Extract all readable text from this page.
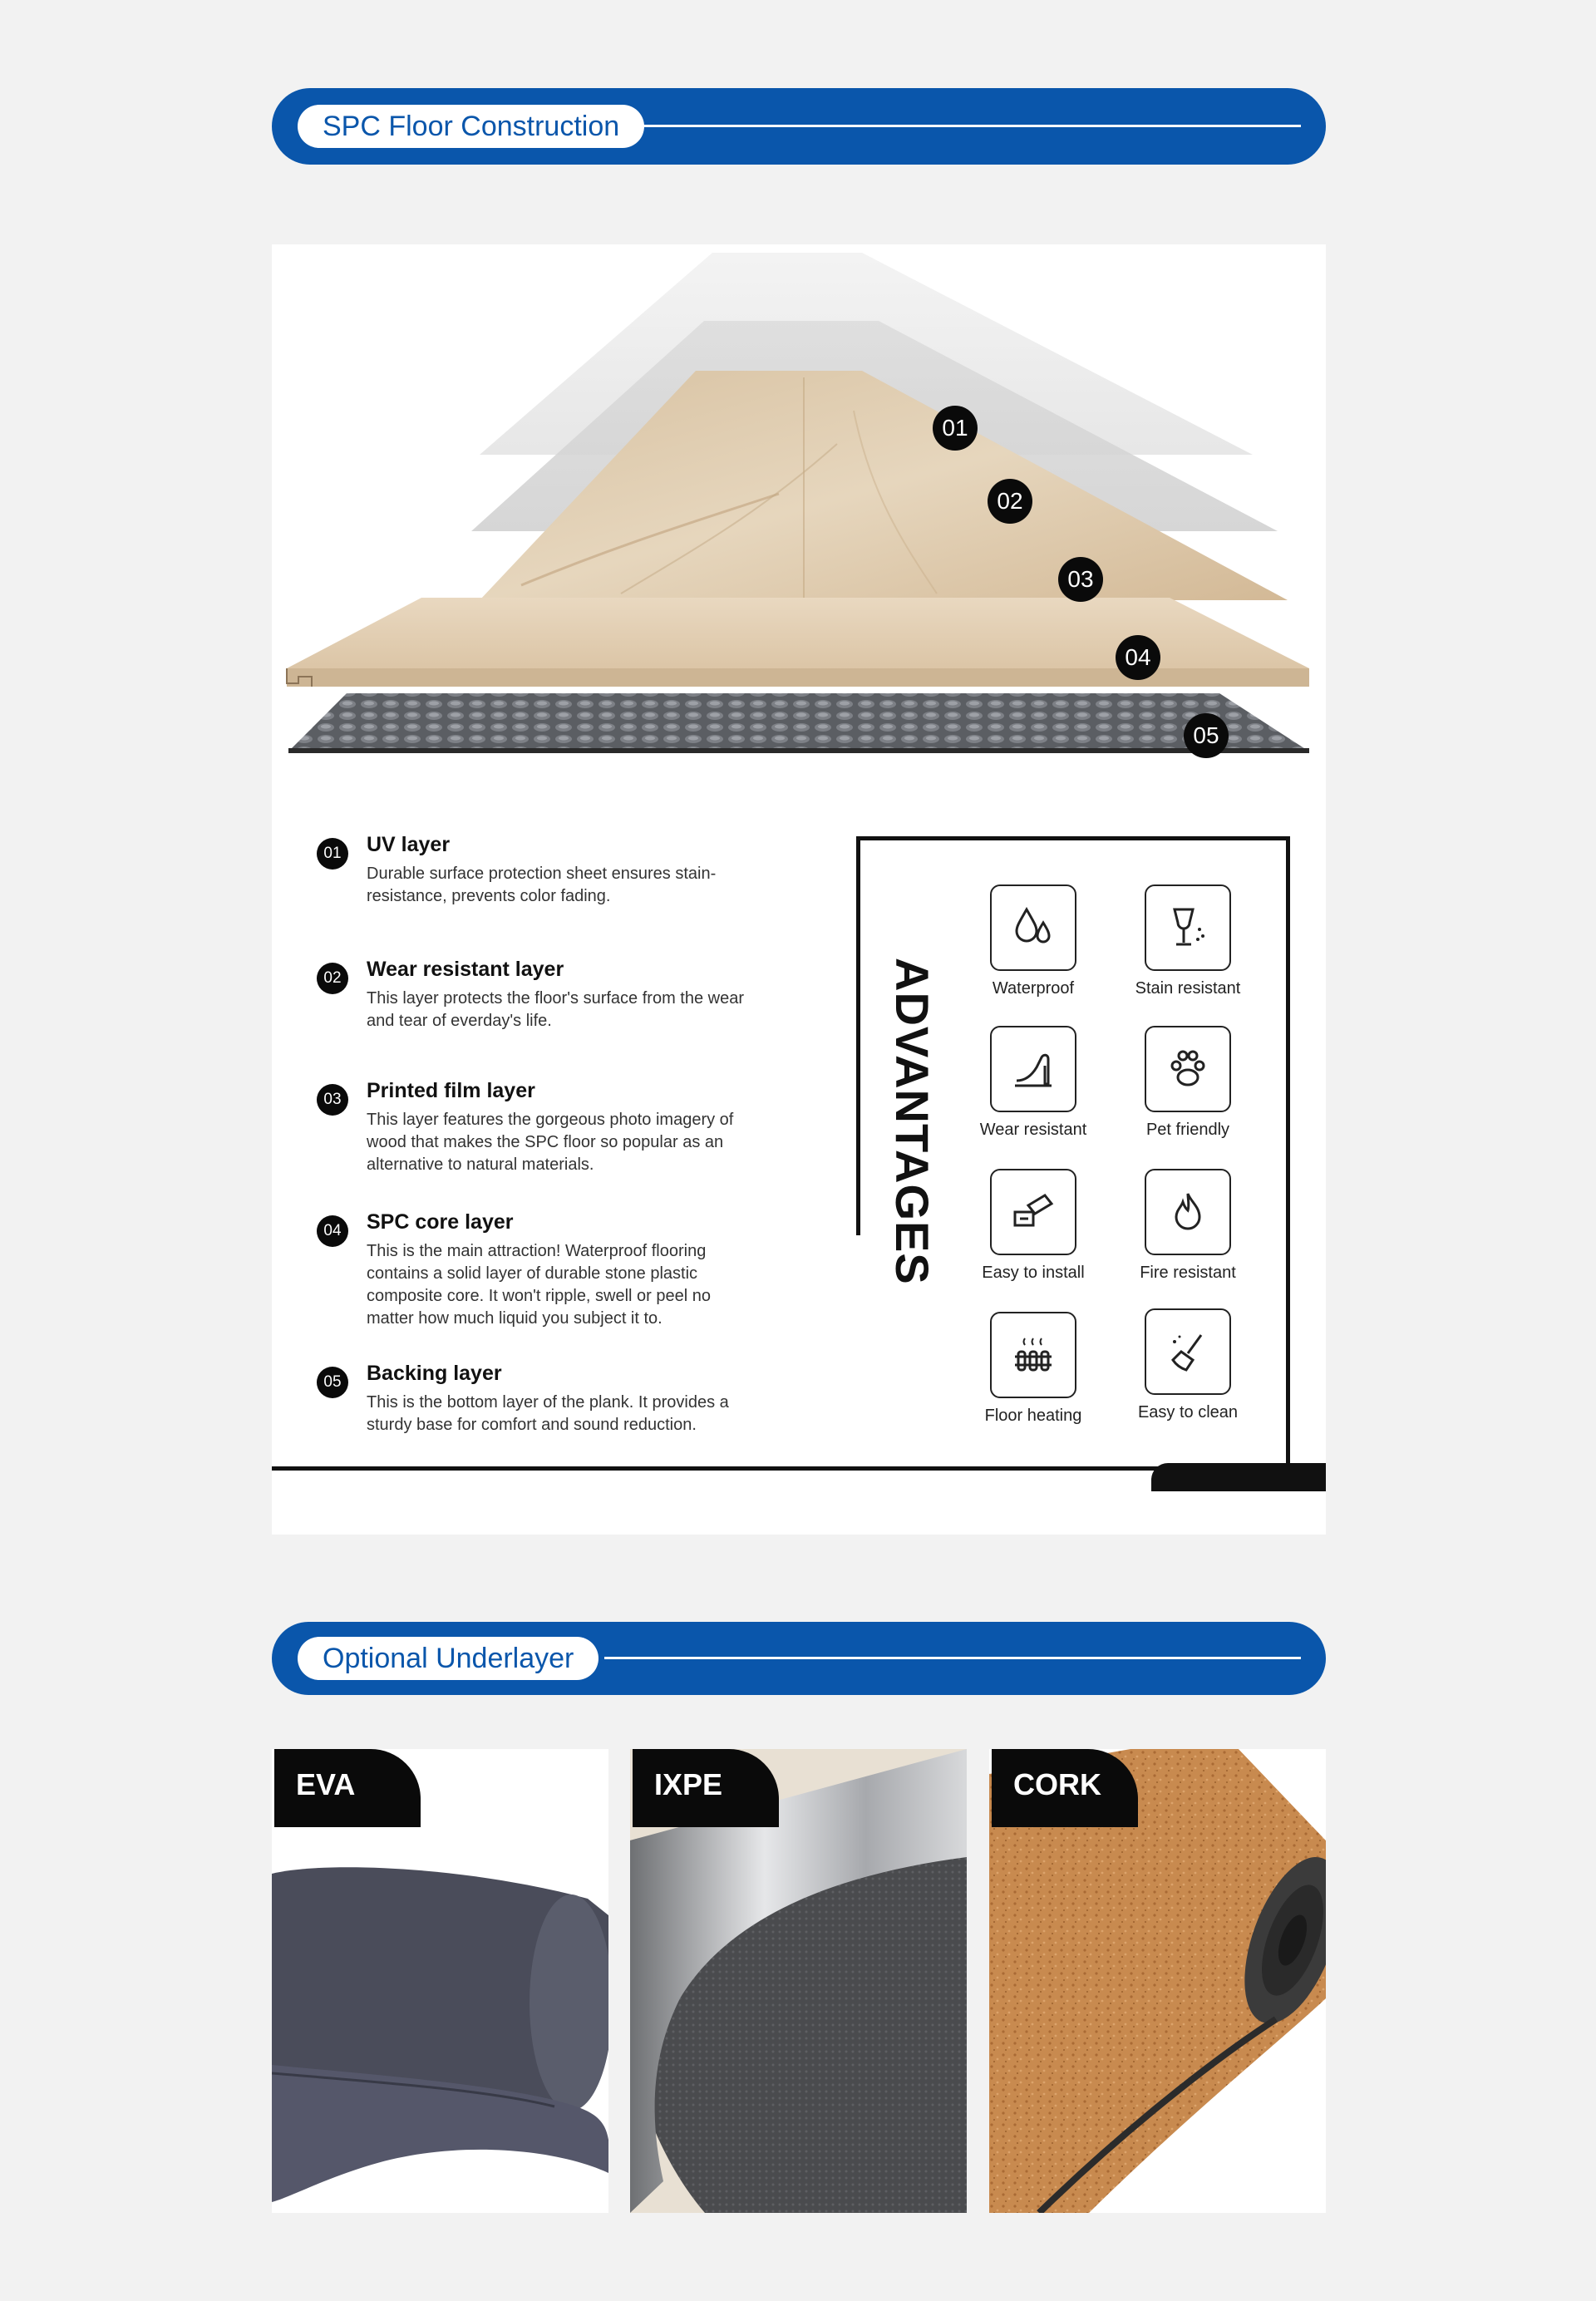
SPC Floor Construction
01
02
03
04
05
01	UV layer
Durable surface protection sheet ensures stain-resistance, prevents color fading.
02	Wear resistant layer
This layer protects the floor's surface from the wear and tear of everday's life.
03	Printed film layer
This layer features the gorgeous photo imagery of wood that makes the SPC floor so popular as an alternative to natural materials.
04	SPC core layer
This is the main attraction! Waterproof flooring contains a solid layer of durable stone plastic composite core. It won't ripple, swell or peel no matter how much liquid you subject it to.
05	Backing layer
This is the bottom layer of the plank. It provides a sturdy base for comfort and sound reduction.
ADVANTAGES	Waterproof	Stain resistant
Wear resistant	Pet friendly
Easy to install	Fire resistant
Floor heating	Easy to clean
Optional Underlayer
EVA	IXPE	CORK
